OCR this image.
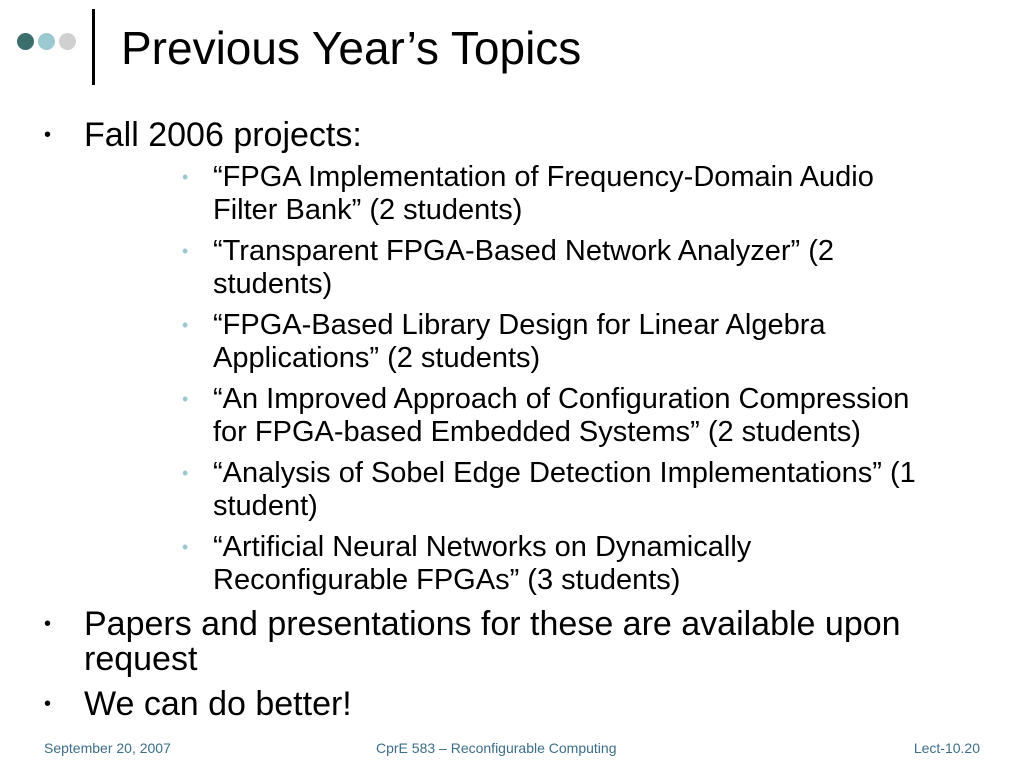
Previous Year’s Topics
• Fall 2006 projects:
• “FPGA Implementation of Frequency-Domain Audio Filter Bank” (2 students)
• “Transparent FPGA-Based Network Analyzer” (2 students)
• “FPGA-Based Library Design for Linear Algebra Applications” (2 students)
• “An Improved Approach of Configuration Compression for FPGA-based Embedded Systems” (2 students)
• “Analysis of Sobel Edge Detection Implementations” (1 student)
• “Artificial Neural Networks on Dynamically Reconfigurable FPGAs” (3 students)
• Papers and presentations for these are available upon request
• We can do better!
September 20, 2007	CprE 583 – Reconfigurable Computing	Lect-10.20
